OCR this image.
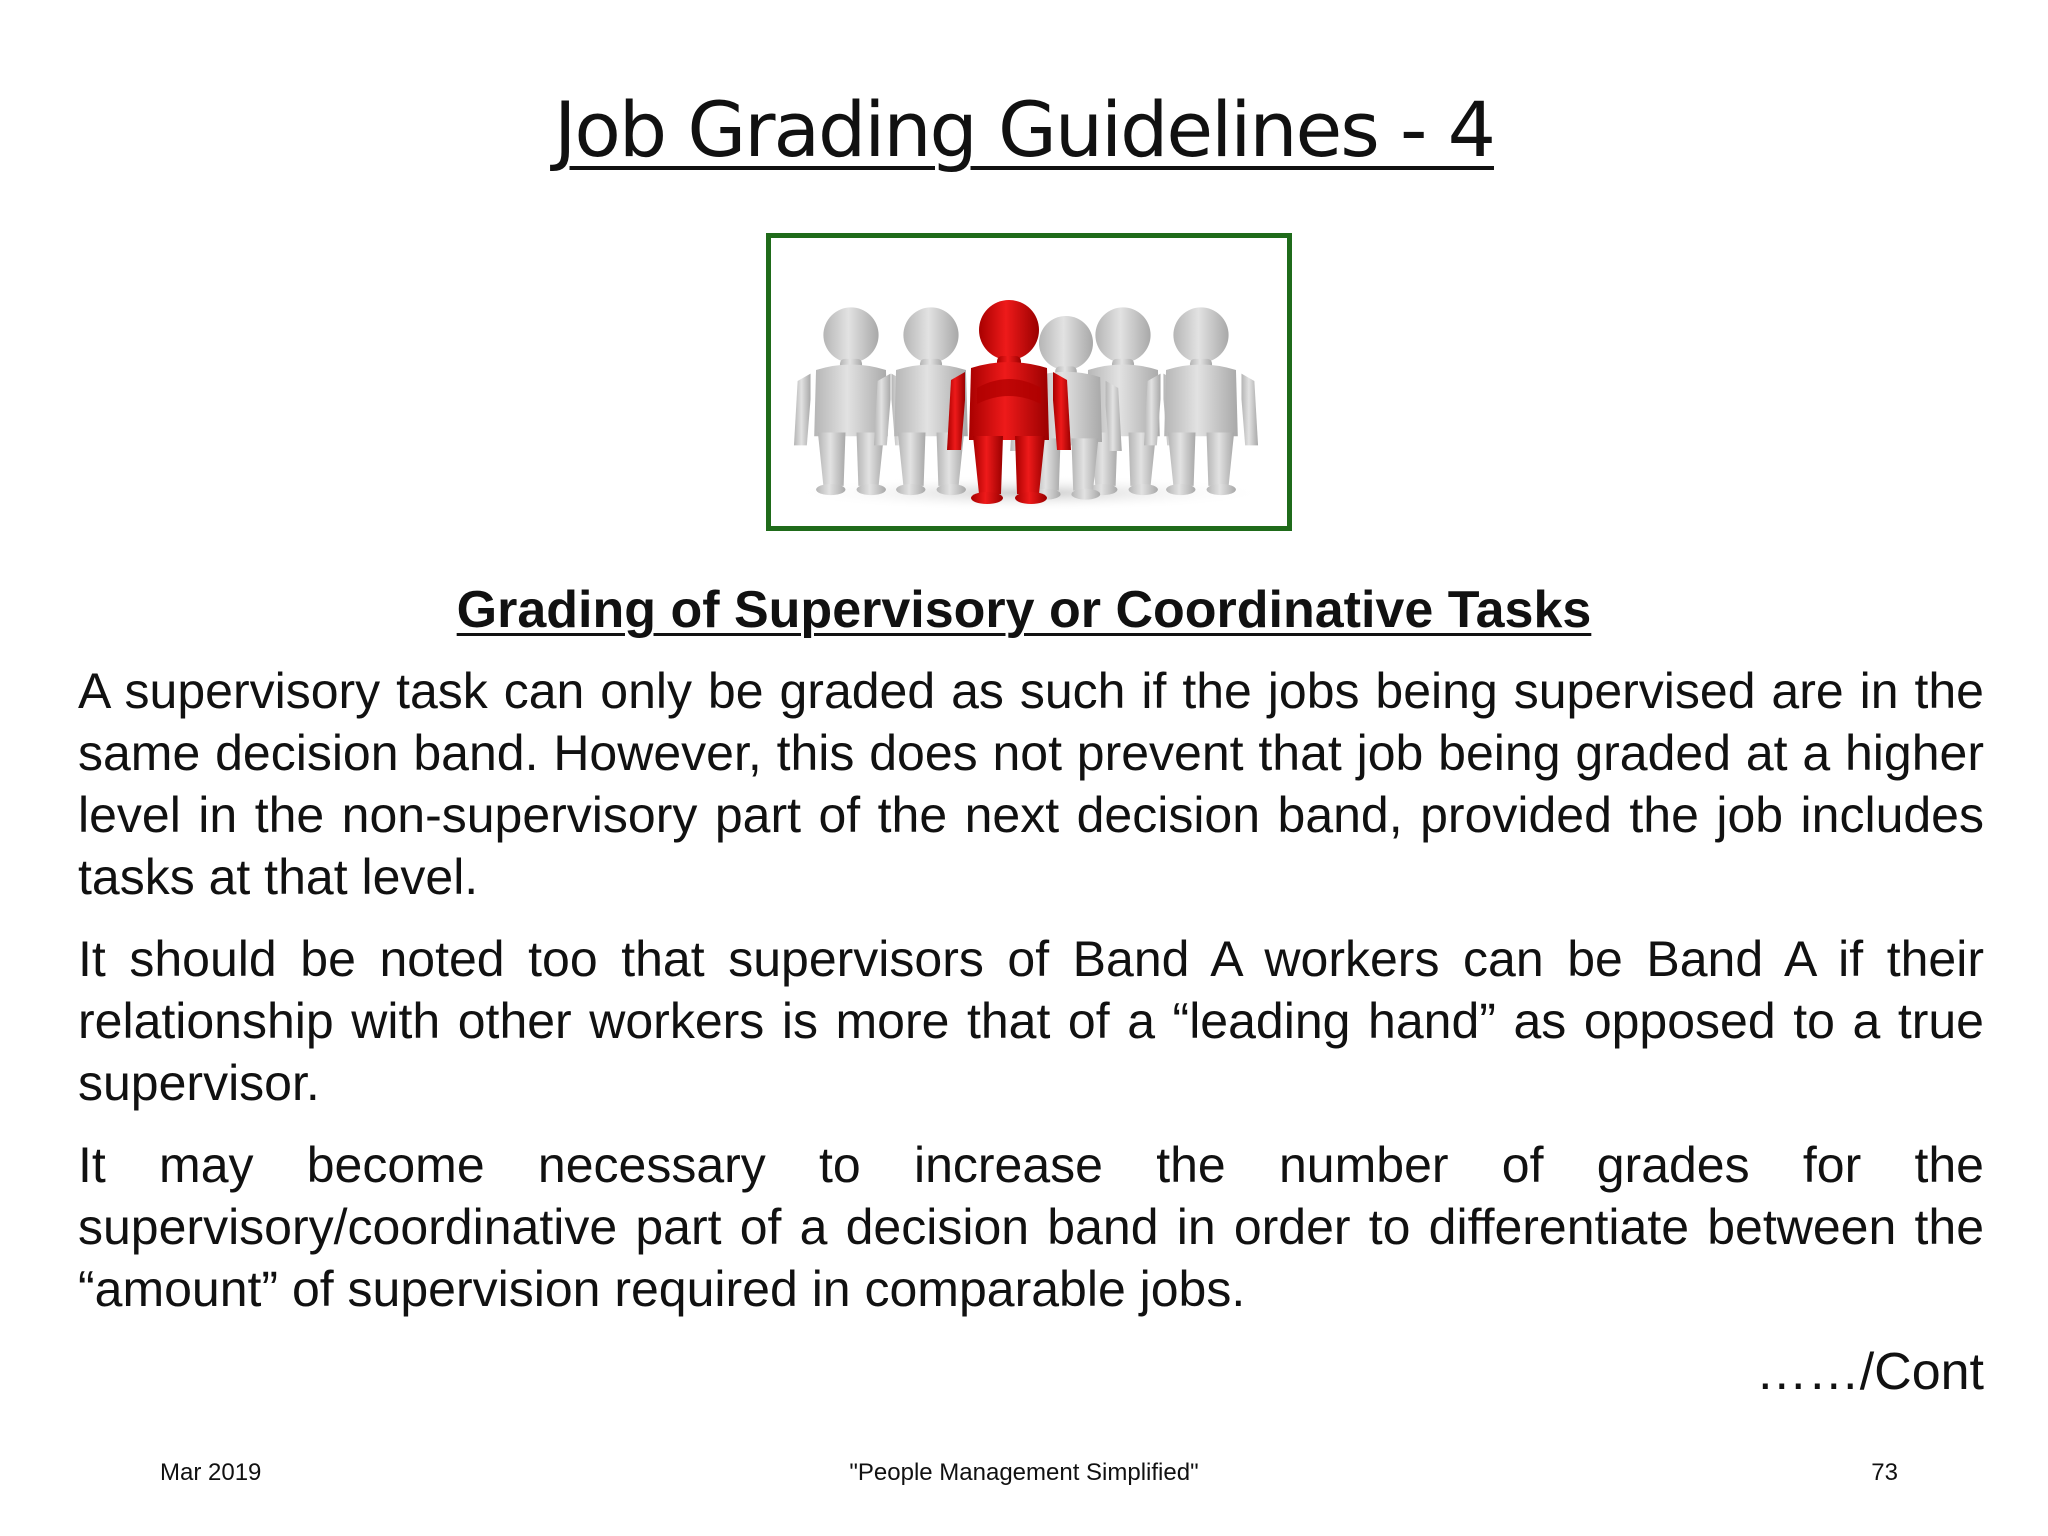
Job Grading Guidelines - 4
Grading of Supervisory or Coordinative Tasks

A supervisory task can only be graded as such if the jobs being supervised are in the same decision band. However, this does not prevent that job being graded at a higher level in the non-supervisory part of the next decision band, provided the job includes tasks at that level.

It should be noted too that supervisors of Band A workers can be Band A if their relationship with other workers is more that of a “leading hand” as opposed to a true supervisor.

It may become necessary to increase the number of grades for the supervisory/coordinative part of a decision band in order to differentiate between the “amount” of supervision required in comparable jobs.

……/Cont

Mar 2019	"People Management Simplified"	73
